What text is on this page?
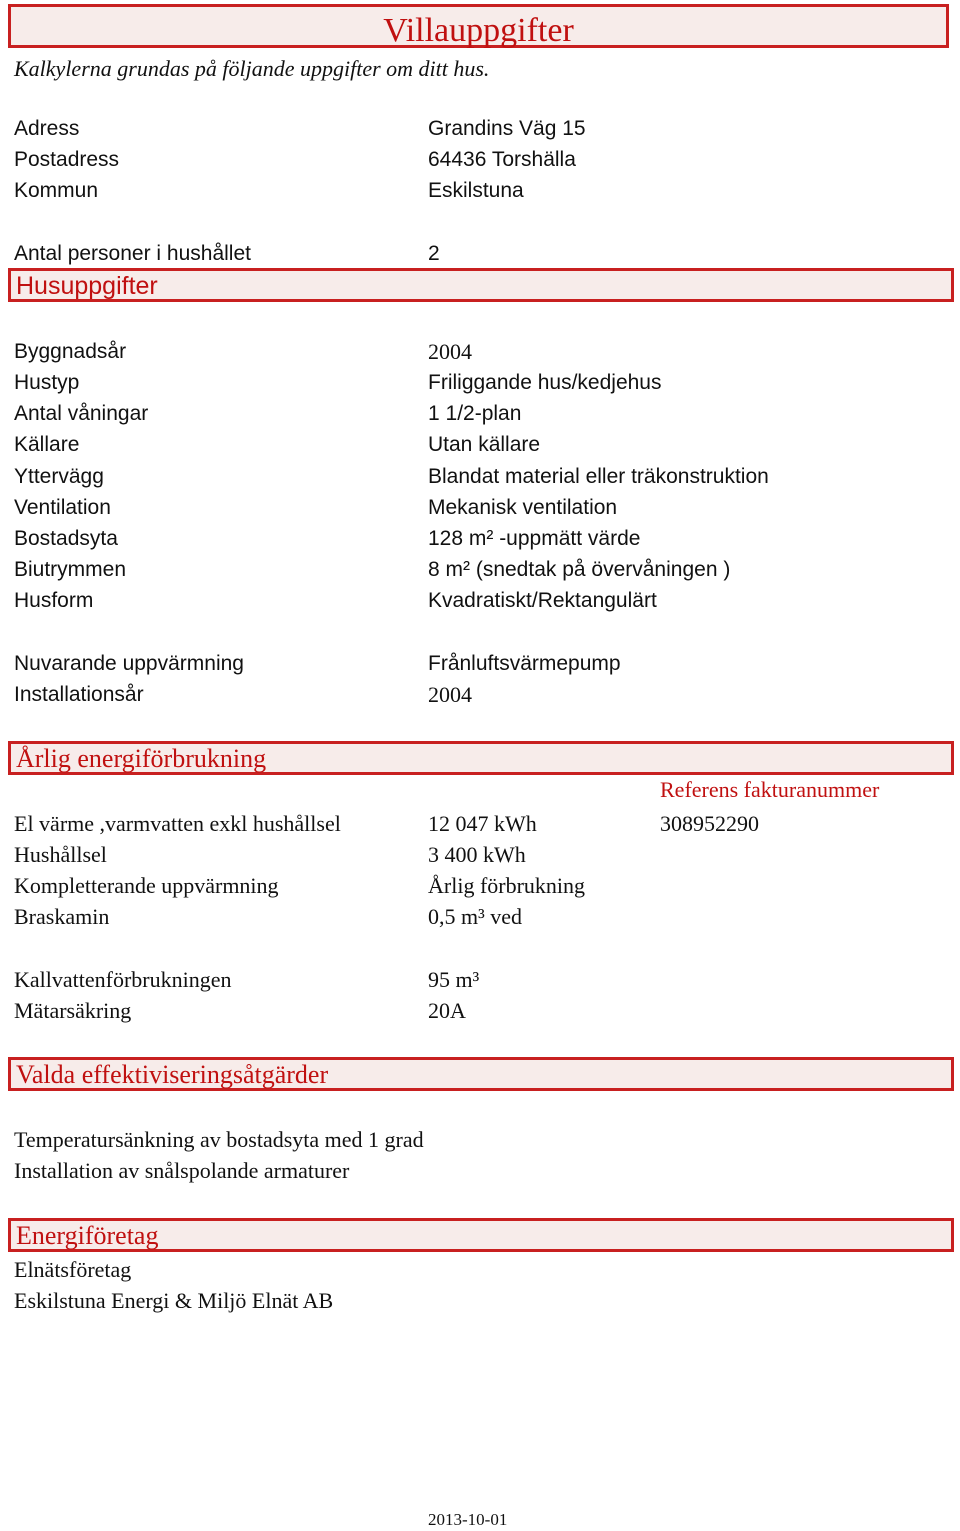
Villauppgifter
Kalkylerna grundas på följande uppgifter om ditt hus.
Adress	Grandins Väg 15
Postadress	64436 Torshälla
Kommun	Eskilstuna
Antal personer i hushållet	2
Husuppgifter
Byggnadsår	2004
Hustyp	Friliggande hus/kedjehus
Antal våningar	1 1/2-plan
Källare	Utan källare
Yttervägg	Blandat material eller träkonstruktion
Ventilation	Mekanisk ventilation
Bostadsyta	128 m² -uppmätt värde
Biutrymmen	8 m² (snedtak på övervåningen )
Husform	Kvadratiskt/Rektangulärt
Nuvarande uppvärmning	Frånluftsvärmepump
Installationsår	2004
Årlig energiförbrukning
Referens fakturanummer
El värme ,varmvatten exkl hushållsel	12 047 kWh	308952290
Hushållsel	3 400 kWh
Kompletterande uppvärmning	Årlig förbrukning
Braskamin	0,5 m³ ved
Kallvattenförbrukningen	95 m³
Mätarsäkring	20A
Valda effektiviseringsåtgärder
Temperatursänkning av bostadsyta med 1 grad
Installation av snålspolande armaturer
Energiföretag
Elnätsföretag
Eskilstuna Energi & Miljö Elnät AB
2013-10-01
